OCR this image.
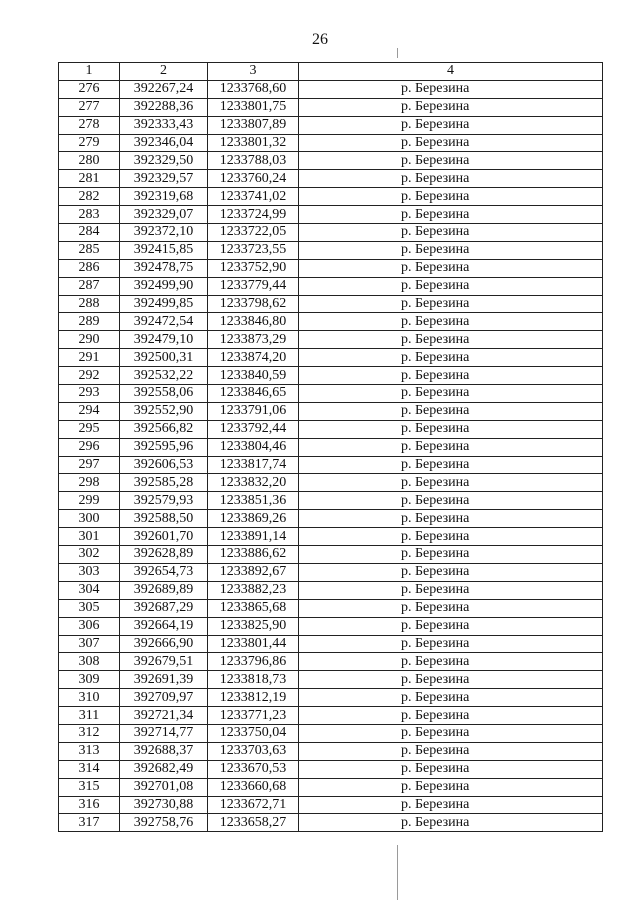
26
1	2	3	4
276	392267,24	1233768,60	р. Березина
277	392288,36	1233801,75	р. Березина
278	392333,43	1233807,89	р. Березина
279	392346,04	1233801,32	р. Березина
280	392329,50	1233788,03	р. Березина
281	392329,57	1233760,24	р. Березина
282	392319,68	1233741,02	р. Березина
283	392329,07	1233724,99	р. Березина
284	392372,10	1233722,05	р. Березина
285	392415,85	1233723,55	р. Березина
286	392478,75	1233752,90	р. Березина
287	392499,90	1233779,44	р. Березина
288	392499,85	1233798,62	р. Березина
289	392472,54	1233846,80	р. Березина
290	392479,10	1233873,29	р. Березина
291	392500,31	1233874,20	р. Березина
292	392532,22	1233840,59	р. Березина
293	392558,06	1233846,65	р. Березина
294	392552,90	1233791,06	р. Березина
295	392566,82	1233792,44	р. Березина
296	392595,96	1233804,46	р. Березина
297	392606,53	1233817,74	р. Березина
298	392585,28	1233832,20	р. Березина
299	392579,93	1233851,36	р. Березина
300	392588,50	1233869,26	р. Березина
301	392601,70	1233891,14	р. Березина
302	392628,89	1233886,62	р. Березина
303	392654,73	1233892,67	р. Березина
304	392689,89	1233882,23	р. Березина
305	392687,29	1233865,68	р. Березина
306	392664,19	1233825,90	р. Березина
307	392666,90	1233801,44	р. Березина
308	392679,51	1233796,86	р. Березина
309	392691,39	1233818,73	р. Березина
310	392709,97	1233812,19	р. Березина
311	392721,34	1233771,23	р. Березина
312	392714,77	1233750,04	р. Березина
313	392688,37	1233703,63	р. Березина
314	392682,49	1233670,53	р. Березина
315	392701,08	1233660,68	р. Березина
316	392730,88	1233672,71	р. Березина
317	392758,76	1233658,27	р. Березина
